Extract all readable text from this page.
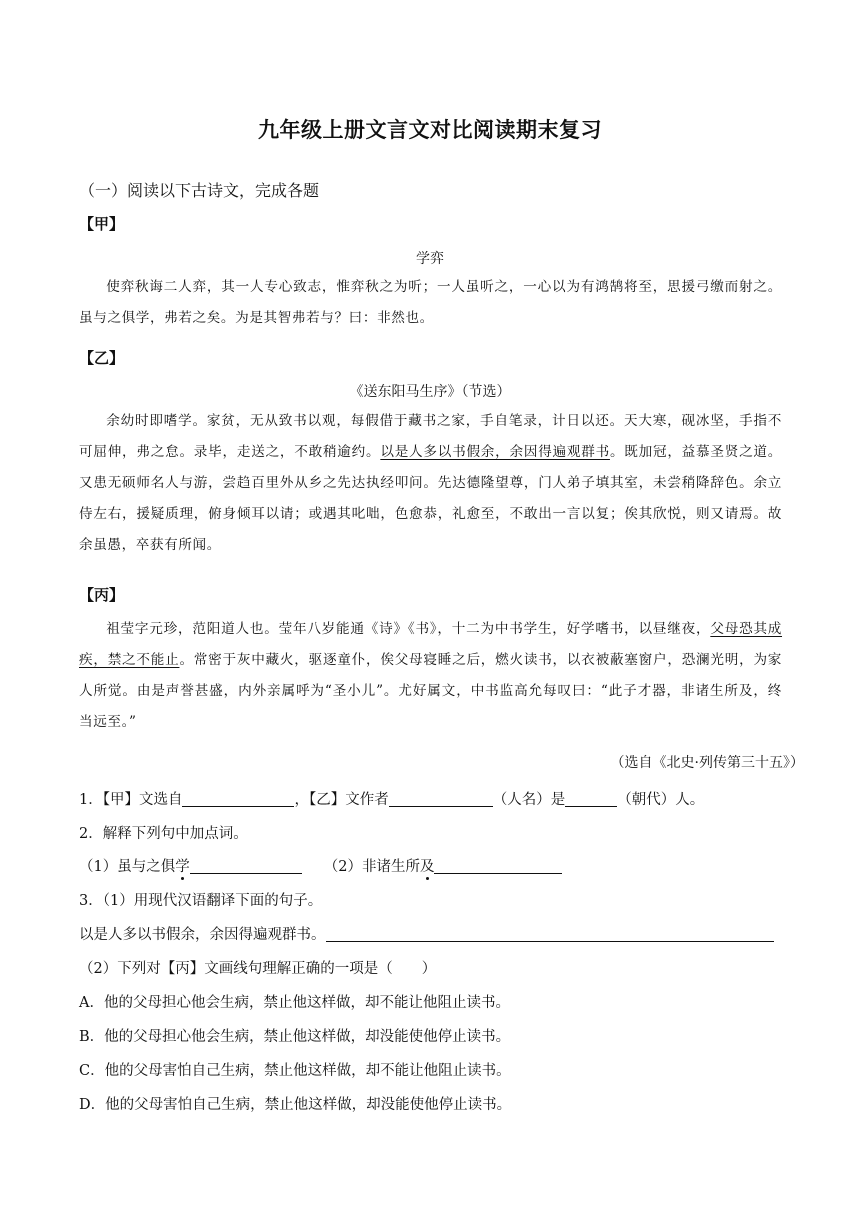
九年级上册文言文对比阅读期末复习
（一）阅读以下古诗文，完成各题
【甲】
学弈
使弈秋诲二人弈，其一人专心致志，惟弈秋之为听；一人虽听之，一心以为有鸿鹄将至，思援弓缴而射之。虽与之俱学，弗若之矣。为是其智弗若与？曰：非然也。
【乙】
《送东阳马生序》（节选）
余幼时即嗜学。家贫，无从致书以观，每假借于藏书之家，手自笔录，计日以还。天大寒，砚冰坚，手指不可屈伸，弗之怠。录毕，走送之，不敢稍逾约。以是人多以书假余，余因得遍观群书。既加冠，益慕圣贤之道。又患无硕师名人与游，尝趋百里外从乡之先达执经叩问。先达德隆望尊，门人弟子填其室，未尝稍降辞色。余立侍左右，援疑质理，俯身倾耳以请；或遇其叱咄，色愈恭，礼愈至，不敢出一言以复；俟其欣悦，则又请焉。故余虽愚，卒获有所闻。
【丙】
祖莹字元珍，范阳道人也。莹年八岁能通《诗》《书》，十二为中书学生，好学嗜书，以昼继夜，父母恐其成疾，禁之不能止。常密于灰中藏火，驱逐童仆，俟父母寝睡之后，燃火读书，以衣被蔽塞窗户，恐澜光明，为家人所觉。由是声誉甚盛，内外亲属呼为“圣小儿”。尤好属文，中书监高允每叹曰：“此子才器，非诸生所及，终当远至。”
（选自《北史·列传第三十五》）
1．【甲】文选自	，【乙】文作者	（人名）是	（朝代）人。
2．解释下列句中加点词。
（1）虽与之俱学	（2）非诸生所及
3．（1）用现代汉语翻译下面的句子。
以是人多以书假余，余因得遍观群书。
（2）下列对【丙】文画线句理解正确的一项是（　　）
A．他的父母担心他会生病，禁止他这样做，却不能让他阻止读书。
B．他的父母担心他会生病，禁止他这样做，却没能使他停止读书。
C．他的父母害怕自己生病，禁止他这样做，却不能让他阻止读书。
D．他的父母害怕自己生病，禁止他这样做，却没能使他停止读书。
